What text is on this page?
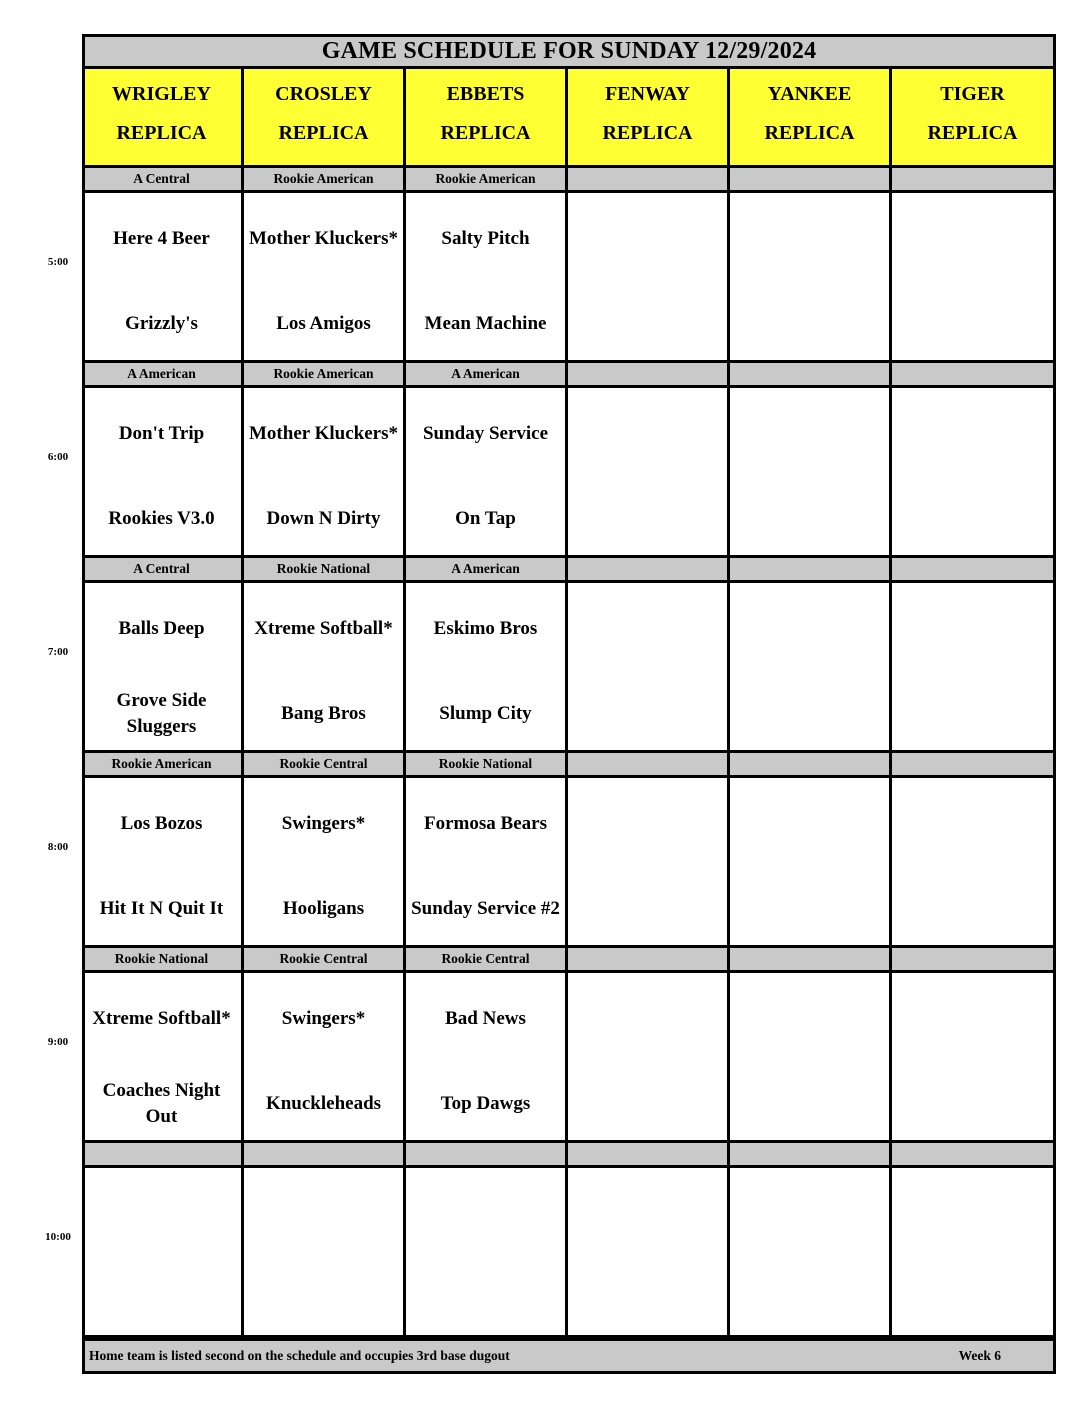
GAME SCHEDULE FOR SUNDAY 12/29/2024
Home team is listed second on the schedule and occupies 3rd base dugout	Week 6
WRIGLEY
REPLICA
CROSLEY
REPLICA
EBBETS
REPLICA
FENWAY
REPLICA
YANKEE
REPLICA
TIGER
REPLICA
5:00
A Central
Here 4 Beer
Grizzly's
Rookie American
Mother Kluckers*
Los Amigos
Rookie American
Salty Pitch
Mean Machine
6:00
A American
Don't Trip
Rookies V3.0
Rookie American
Mother Kluckers*
Down N Dirty
A American
Sunday Service
On Tap
7:00
A Central
Balls Deep
Grove Side
Sluggers
Rookie National
Xtreme Softball*
Bang Bros
A American
Eskimo Bros
Slump City
8:00
Rookie American
Los Bozos
Hit It N Quit It
Rookie Central
Swingers*
Hooligans
Rookie National
Formosa Bears
Sunday Service #2
9:00
Rookie National
Xtreme Softball*
Coaches Night
Out
Rookie Central
Swingers*
Knuckleheads
Rookie Central
Bad News
Top Dawgs
10:00
